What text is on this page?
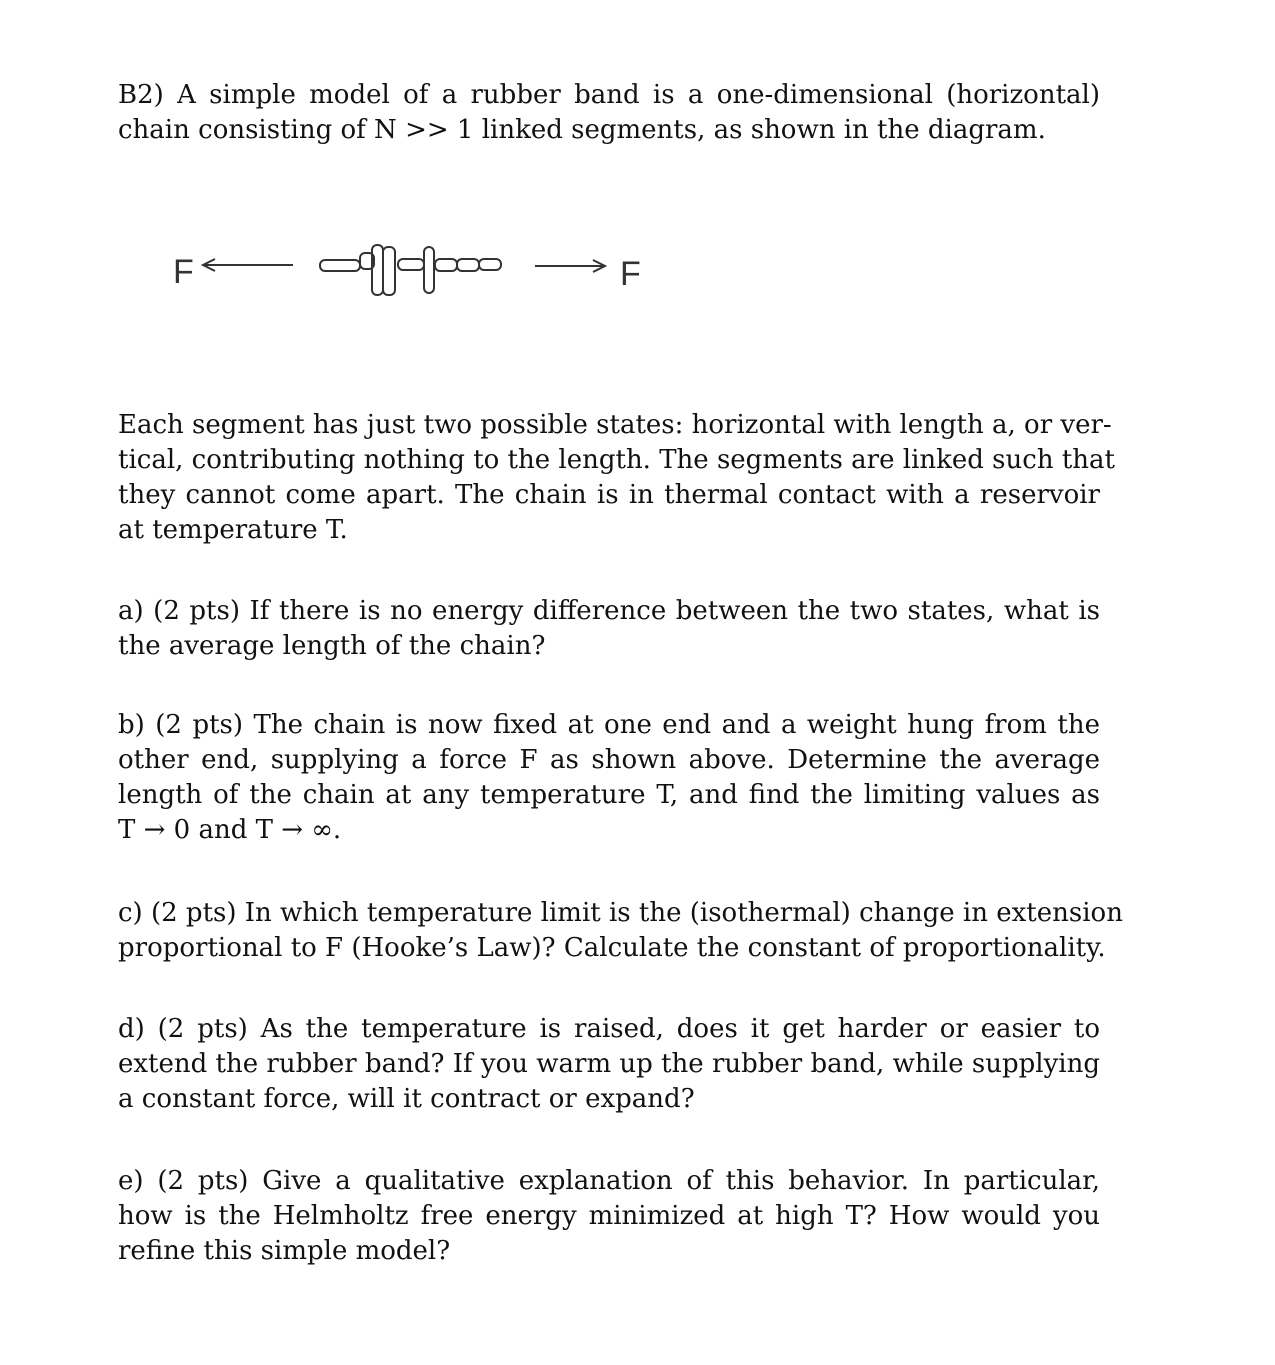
B2) A simple model of a rubber band is a one-dimensional (horizontal)
chain consisting of N >> 1 linked segments, as shown in the diagram.
F	F
Each segment has just two possible states: horizontal with length a, or ver-
tical, contributing nothing to the length. The segments are linked such that
they cannot come apart. The chain is in thermal contact with a reservoir
at temperature T.
a) (2 pts) If there is no energy difference between the two states, what is
the average length of the chain?
b) (2 pts) The chain is now fixed at one end and a weight hung from the
other end, supplying a force F as shown above. Determine the average
length of the chain at any temperature T, and find the limiting values as
T → 0 and T → ∞.
c) (2 pts) In which temperature limit is the (isothermal) change in extension
proportional to F (Hooke’s Law)? Calculate the constant of proportionality.
d) (2 pts) As the temperature is raised, does it get harder or easier to
extend the rubber band? If you warm up the rubber band, while supplying
a constant force, will it contract or expand?
e) (2 pts) Give a qualitative explanation of this behavior. In particular,
how is the Helmholtz free energy minimized at high T? How would you
refine this simple model?
